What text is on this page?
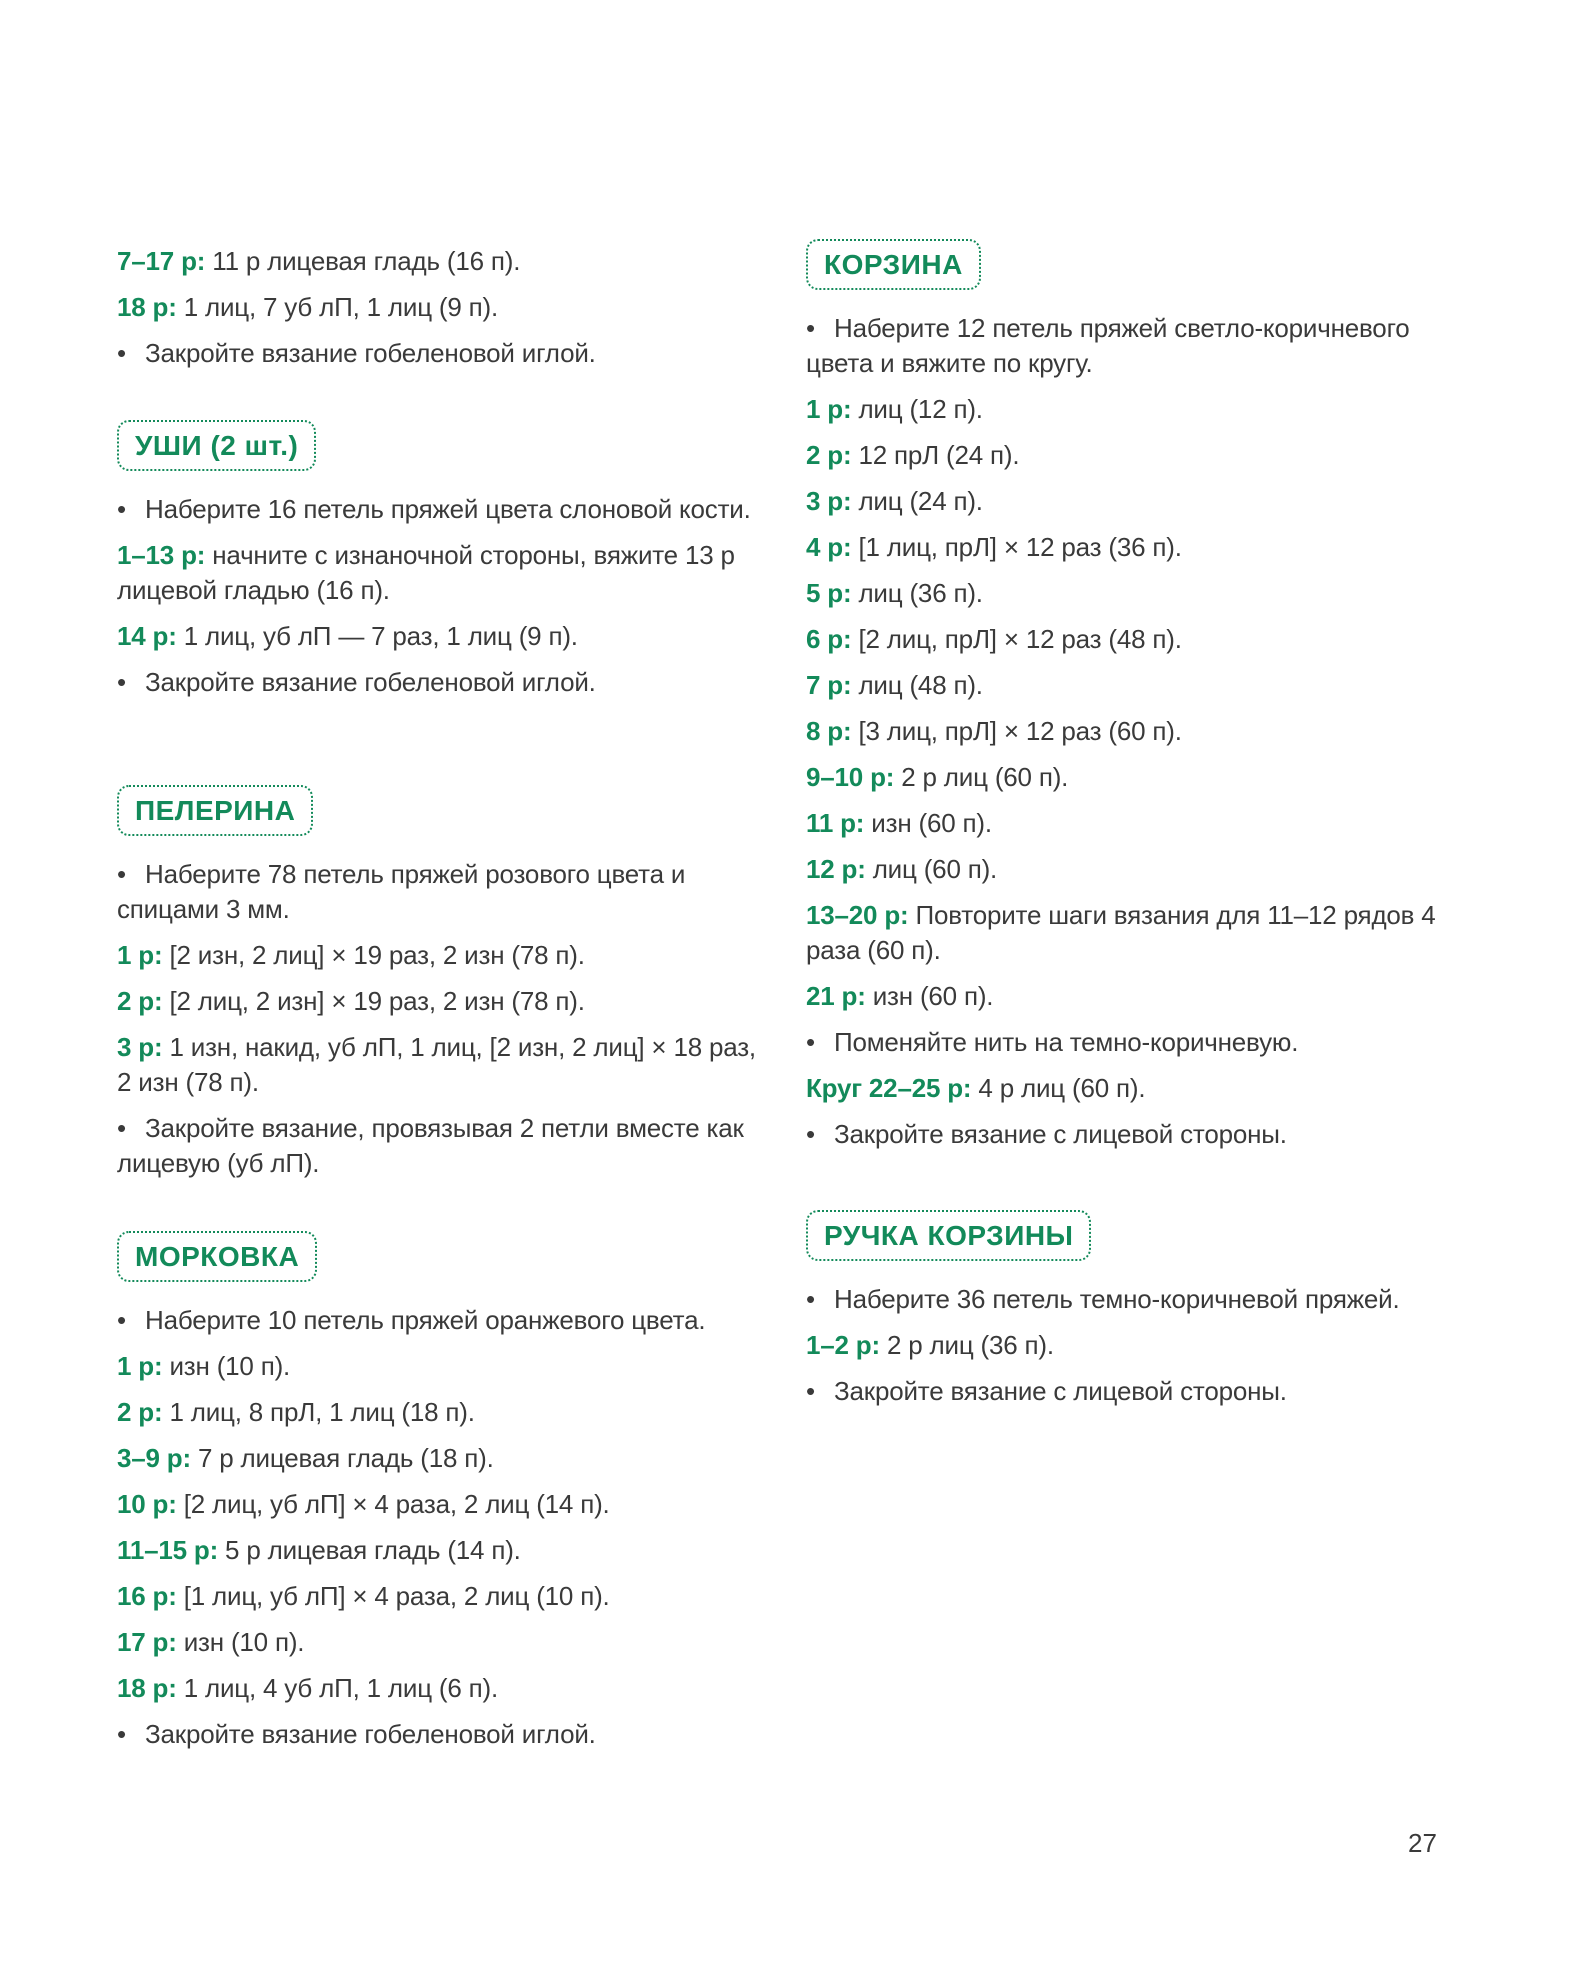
7–17 р: 11 р лицевая гладь (16 п).

18 р: 1 лиц, 7 уб лП, 1 лиц (9 п).

• Закройте вязание гобеленовой иглой.

УШИ (2 шт.)

• Наберите 16 петель пряжей цвета слоновой кости.

1–13 р: начните с изнаночной стороны, вяжите 13 р лицевой гладью (16 п).

14 р: 1 лиц, уб лП — 7 раз, 1 лиц (9 п).

• Закройте вязание гобеленовой иглой.

ПЕЛЕРИНА

• Наберите 78 петель пряжей розового цвета и спицами 3 мм.

1 р: [2 изн, 2 лиц] × 19 раз, 2 изн (78 п).

2 р: [2 лиц, 2 изн] × 19 раз, 2 изн (78 п).

3 р: 1 изн, накид, уб лП, 1 лиц, [2 изн, 2 лиц] × 18 раз, 2 изн (78 п).

• Закройте вязание, провязывая 2 петли вместе как лицевую (уб лП).

МОРКОВКА

• Наберите 10 петель пряжей оранжевого цвета.

1 р: изн (10 п).

2 р: 1 лиц, 8 прЛ, 1 лиц (18 п).

3–9 р: 7 р лицевая гладь (18 п).

10 р: [2 лиц, уб лП] × 4 раза, 2 лиц (14 п).

11–15 р: 5 р лицевая гладь (14 п).

16 р: [1 лиц, уб лП] × 4 раза, 2 лиц (10 п).

17 р: изн (10 п).

18 р: 1 лиц, 4 уб лП, 1 лиц (6 п).

• Закройте вязание гобеленовой иглой.

КОРЗИНА

• Наберите 12 петель пряжей светло-коричневого цвета и вяжите по кругу.

1 р: лиц (12 п).

2 р: 12 прЛ (24 п).

3 р: лиц (24 п).

4 р: [1 лиц, прЛ] × 12 раз (36 п).

5 р: лиц (36 п).

6 р: [2 лиц, прЛ] × 12 раз (48 п).

7 р: лиц (48 п).

8 р: [3 лиц, прЛ] × 12 раз (60 п).

9–10 р: 2 р лиц (60 п).

11 р: изн (60 п).

12 р: лиц (60 п).

13–20 р: Повторите шаги вязания для 11–12 рядов 4 раза (60 п).

21 р: изн (60 п).

• Поменяйте нить на темно-коричневую.

Круг 22–25 р: 4 р лиц (60 п).

• Закройте вязание с лицевой стороны.

РУЧКА КОРЗИНЫ

• Наберите 36 петель темно-коричневой пряжей.

1–2 р: 2 р лиц (36 п).

• Закройте вязание с лицевой стороны.

27
